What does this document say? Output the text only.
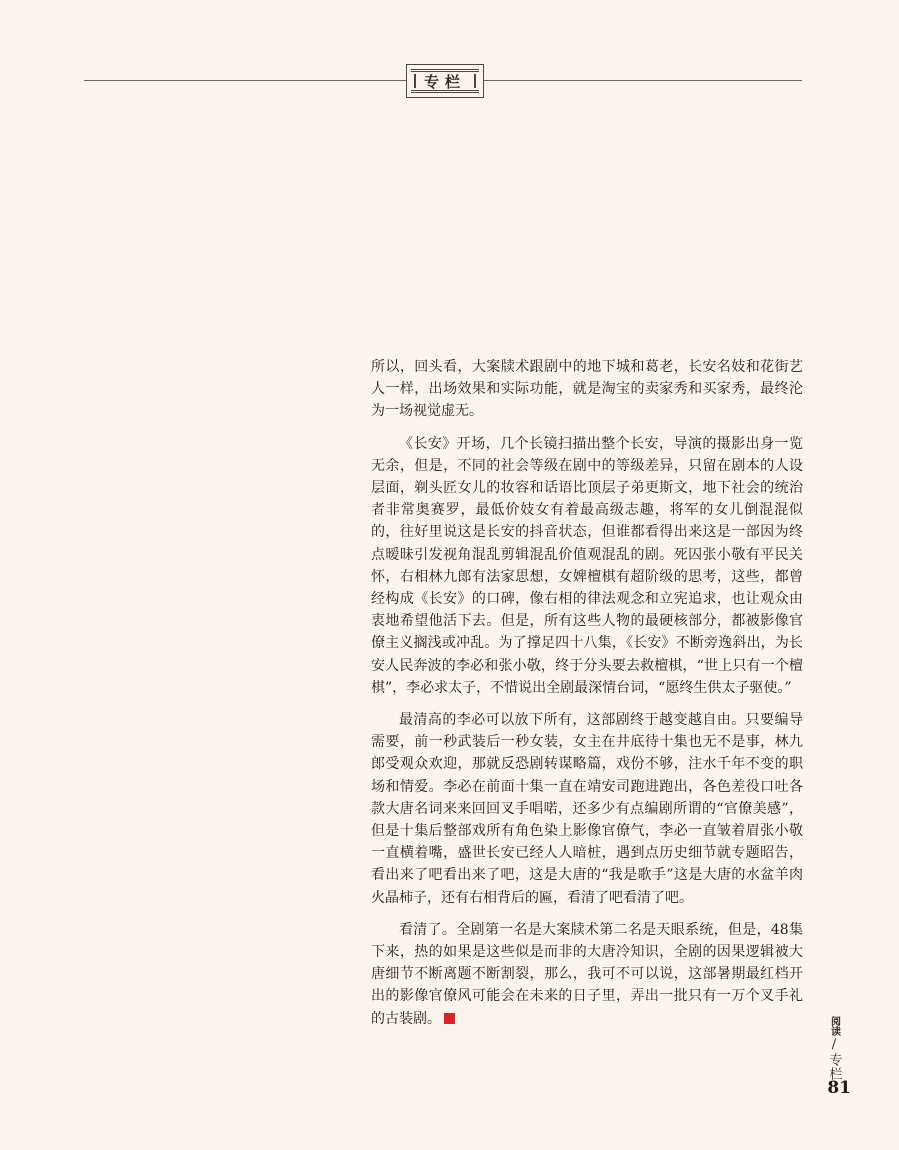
专栏

所以，回头看，大案牍术跟剧中的地下城和葛老，长安名妓和花街艺人一样，出场效果和实际功能，就是淘宝的卖家秀和买家秀，最终沦为一场视觉虚无。

《长安》开场，几个长镜扫描出整个长安，导演的摄影出身一览无余，但是，不同的社会等级在剧中的等级差异，只留在剧本的人设层面，剃头匠女儿的妆容和话语比顶层子弟更斯文，地下社会的统治者非常奥赛罗，最低价妓女有着最高级志趣，将军的女儿倒混混似的，往好里说这是长安的抖音状态，但谁都看得出来这是一部因为终点暧昧引发视角混乱剪辑混乱价值观混乱的剧。死囚张小敬有平民关怀，右相林九郎有法家思想，女婢檀棋有超阶级的思考，这些，都曾经构成《长安》的口碑，像右相的律法观念和立宪追求，也让观众由衷地希望他活下去。但是，所有这些人物的最硬核部分，都被影像官僚主义搁浅或冲乱。为了撑足四十八集，《长安》不断旁逸斜出，为长安人民奔波的李必和张小敬，终于分头要去救檀棋，“世上只有一个檀棋”，李必求太子，不惜说出全剧最深情台词，“愿终生供太子驱使。”

最清高的李必可以放下所有，这部剧终于越变越自由。只要编导需要，前一秒武装后一秒女装，女主在井底待十集也无不是事，林九郎受观众欢迎，那就反恐剧转谋略篇，戏份不够，注水千年不变的职场和情爱。李必在前面十集一直在靖安司跑进跑出，各色差役口吐各款大唐名词来来回回叉手唱喏，还多少有点编剧所谓的“官僚美感”，但是十集后整部戏所有角色染上影像官僚气，李必一直皱着眉张小敬一直横着嘴，盛世长安已经人人暗桩，遇到点历史细节就专题昭告，看出来了吧看出来了吧，这是大唐的“我是歌手”这是大唐的水盆羊肉火晶柿子，还有右相背后的匾，看清了吧看清了吧。

看清了。全剧第一名是大案牍术第二名是天眼系统，但是，48集下来，热的如果是这些似是而非的大唐冷知识，全剧的因果逻辑被大唐细节不断离题不断割裂，那么，我可不可以说，这部暑期最红档开出的影像官僚风可能会在未来的日子里，弄出一批只有一万个叉手礼的古装剧。	阅读
/
专栏
81
